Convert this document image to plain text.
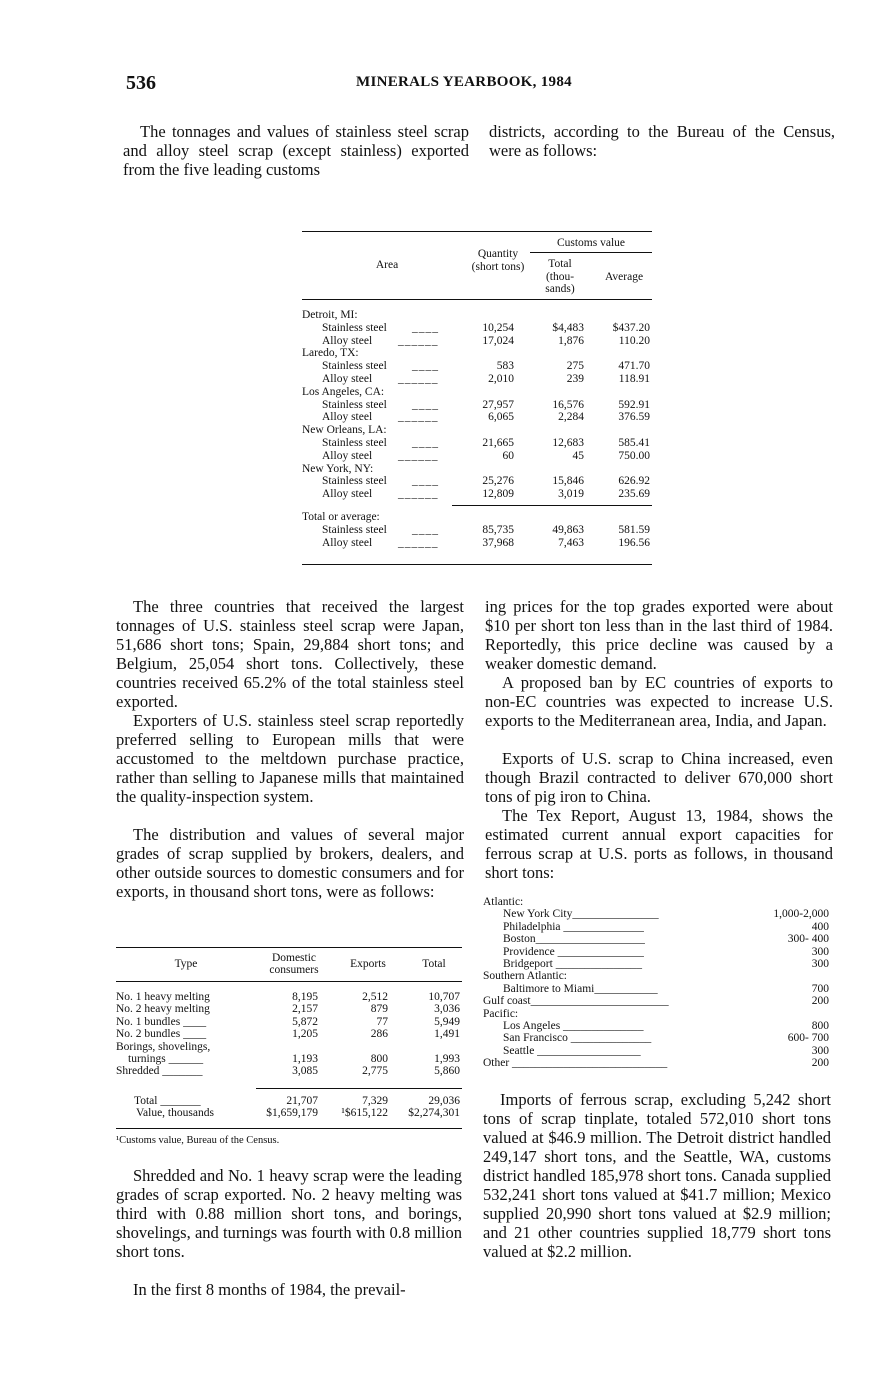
536	MINERALS YEARBOOK, 1984

The tonnages and values of stainless steel scrap and alloy steel scrap (except stainless) exported from the five leading customs

districts, according to the Bureau of the Census, were as follows:

Customs value
Area
Quantity (short tons)	Total (thou-sands)
Average
Detroit, MI:
Stainless steel ____	10,254	$4,483	$437.20
Alloy steel ______	17,024	1,876	110.20
Laredo, TX:
Stainless steel ____	583	275	471.70
Alloy steel ______	2,010	239	118.91
Los Angeles, CA:
Stainless steel ____	27,957	16,576	592.91
Alloy steel ______	6,065	2,284	376.59
New Orleans, LA:
Stainless steel ____	21,665	12,683	585.41
Alloy steel ______	60	45	750.00
New York, NY:
Stainless steel ____	25,276	15,846	626.92
Alloy steel ______	12,809	3,019	235.69
Total or average:
Stainless steel ____	85,735	49,863	581.59
Alloy steel ______	37,968	7,463	196.56

The three countries that received the largest tonnages of U.S. stainless steel scrap were Japan, 51,686 short tons; Spain, 29,884 short tons; and Belgium, 25,054 short tons. Collectively, these countries received 65.2% of the total stainless steel exported.

Exporters of U.S. stainless steel scrap reportedly preferred selling to European mills that were accustomed to the meltdown purchase practice, rather than selling to Japanese mills that maintained the quality-inspection system.

The distribution and values of several major grades of scrap supplied by brokers, dealers, and other outside sources to domestic consumers and for exports, in thousand short tons, were as follows:

Type	Domestic consumers
Exports	Total
No. 1 heavy melting	8,195	2,512	10,707
No. 2 heavy melting	2,157	879	3,036
No. 1 bundles ____	5,872	77	5,949
No. 2 bundles ____	1,205	286	1,491
Borings, shovelings,
turnings ______	1,193	800	1,993
Shredded _______	3,085	2,775	5,860
Total _______	21,707	7,329	29,036
Value, thousands	$1,659,179	¹$615,122	$2,274,301
¹Customs value, Bureau of the Census.

Shredded and No. 1 heavy scrap were the leading grades of scrap exported. No. 2 heavy melting was third with 0.88 million short tons, and borings, shovelings, and turnings was fourth with 0.8 million short tons.

In the first 8 months of 1984, the prevail-

ing prices for the top grades exported were about $10 per short ton less than in the last third of 1984. Reportedly, this price decline was caused by a weaker domestic demand.

A proposed ban by EC countries of exports to non-EC countries was expected to increase U.S. exports to the Mediterranean area, India, and Japan.

Exports of U.S. scrap to China increased, even though Brazil contracted to deliver 670,000 short tons of pig iron to China.

The Tex Report, August 13, 1984, shows the estimated current annual export capacities for ferrous scrap at U.S. ports as follows, in thousand short tons:

Atlantic:
New York City_______________	1,000-2,000
Philadelphia ______________	400
Boston___________________	300- 400
Providence _______________	300
Bridgeport _______________	300
Southern Atlantic:
Baltimore to Miami___________	700
Gulf coast________________________	200
Pacific:
Los Angeles ______________	800
San Francisco ______________	600- 700
Seattle __________________	300
Other ___________________________	200

Imports of ferrous scrap, excluding 5,242 short tons of scrap tinplate, totaled 572,010 short tons valued at $46.9 million. The Detroit district handled 249,147 short tons, and the Seattle, WA, customs district handled 185,978 short tons. Canada supplied 532,241 short tons valued at $41.7 million; Mexico supplied 20,990 short tons valued at $2.9 million; and 21 other countries supplied 18,779 short tons valued at $2.2 million.
